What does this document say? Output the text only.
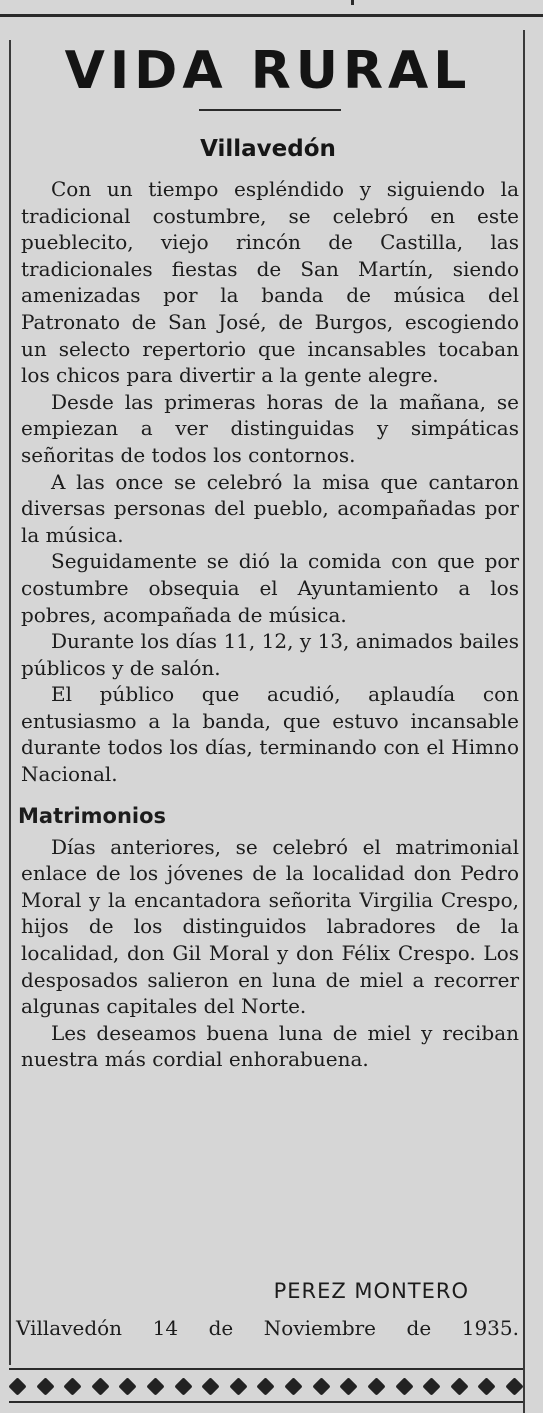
VIDA RURAL
Villavedón

Con un tiempo espléndido y siguiendo la tradicional costumbre, se celebró en este pueblecito, viejo rincón de Castilla, las tradicionales fiestas de San Martín, siendo amenizadas por la banda de música del Patronato de San José, de Burgos, escogiendo un selecto repertorio que incansables tocaban los chicos para divertir a la gente alegre.

Desde las primeras horas de la mañana, se empiezan a ver distinguidas y simpáticas señoritas de todos los contornos.

A las once se celebró la misa que cantaron diversas personas del pueblo, acompañadas por la música.

Seguidamente se dió la comida con que por costumbre obsequia el Ayuntamiento a los pobres, acompañada de música.

Durante los días 11, 12, y 13, animados bailes públicos y de salón.

El público que acudió, aplaudía con entusiasmo a la banda, que estuvo incansable durante todos los días, terminando con el Himno Nacional.

Matrimonios

Días anteriores, se celebró el matrimonial enlace de los jóvenes de la localidad don Pedro Moral y la encantadora señorita Virgilia Crespo, hijos de los distinguidos labradores de la localidad, don Gil Moral y don Félix Crespo. Los desposados salieron en luna de miel a recorrer algunas capitales del Norte.

Les deseamos buena luna de miel y reciban nuestra más cordial enhorabuena.

PEREZ MONTERO
Villavedón 14 de Noviembre de 1935.
